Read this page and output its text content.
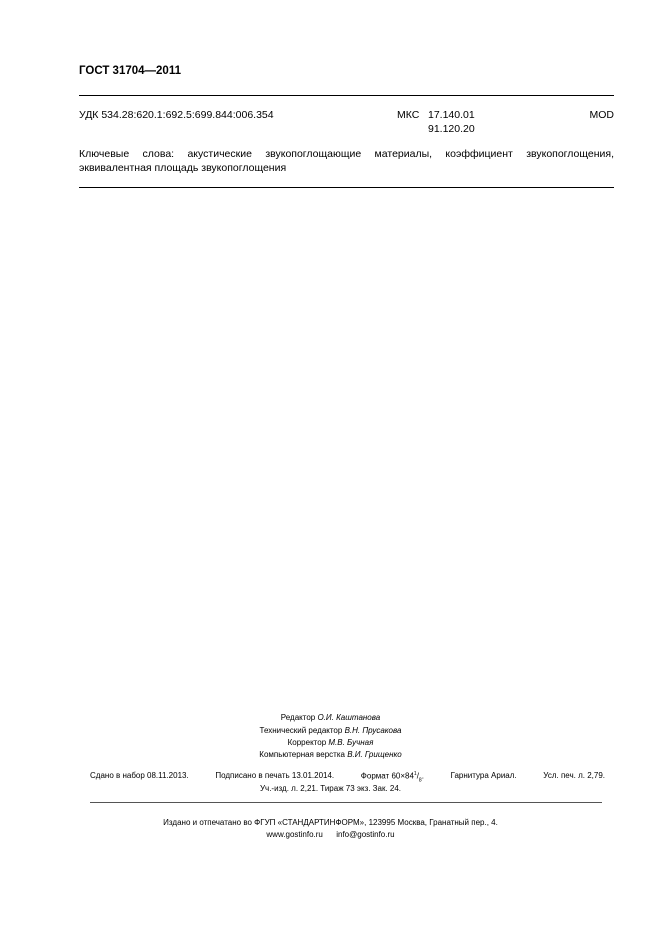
ГОСТ 31704—2011
УДК 534.28:620.1:692.5:699.844:006.354	МКС 17.140.01
91.120.20
MOD
Ключевые слова: акустические звукопоглощающие материалы, коэффициент звукопоглощения, эквивалентная площадь звукопоглощения
Редактор О.И. Каштанова
Технический редактор В.Н. Прусакова
Корректор М.В. Бучная
Компьютерная верстка В.И. Грищенко
Сдано в набор 08.11.2013.	Подписано в печать 13.01.2014.	Формат $60\times 84^1/_8$.	Гарнитура Ариал.	Усл. печ. л. 2,79.
Уч.-изд. л. 2,21. Тираж 73 экз. Зак. 24.
Издано и отпечатано во ФГУП «СТАНДАРТИНФОРМ», 123995 Москва, Гранатный пер., 4.
www.gostinfo.ru info@gostinfo.ru
